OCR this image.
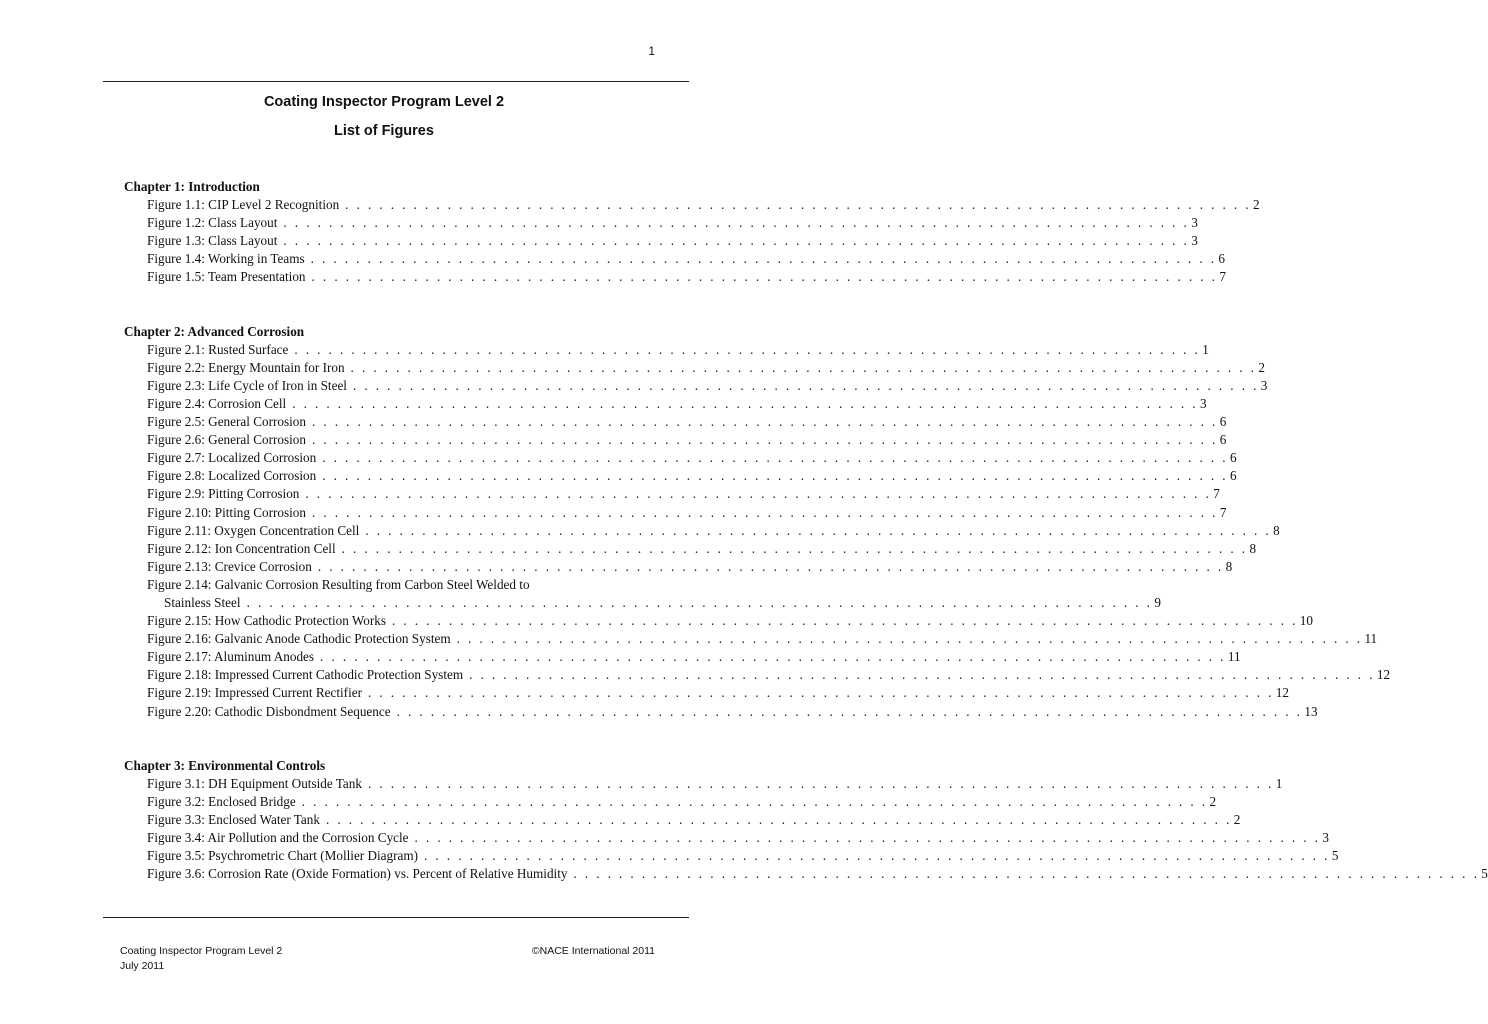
1
Coating Inspector Program Level 2
List of Figures
Chapter 1: Introduction
Figure 1.1: CIP Level 2 Recognition . . . . . . . . . . . . . . . . . . . . . . . . . . . . . . . . . . . . . . . . . . . . . . . . . . . . . . . . . . . . . . . . . . . . . . . . . . . . . . . . 2
Figure 1.2: Class Layout . . . . . . . . . . . . . . . . . . . . . . . . . . . . . . . . . . . . . . . . . . . . . . . . . . . . . . . . . . . . . . . . . . . . . . . . . . . . . . . . 3
Figure 1.3: Class Layout . . . . . . . . . . . . . . . . . . . . . . . . . . . . . . . . . . . . . . . . . . . . . . . . . . . . . . . . . . . . . . . . . . . . . . . . . . . . . . . . 3
Figure 1.4: Working in Teams . . . . . . . . . . . . . . . . . . . . . . . . . . . . . . . . . . . . . . . . . . . . . . . . . . . . . . . . . . . . . . . . . . . . . . . . . . . . . . . . 6
Figure 1.5: Team Presentation . . . . . . . . . . . . . . . . . . . . . . . . . . . . . . . . . . . . . . . . . . . . . . . . . . . . . . . . . . . . . . . . . . . . . . . . . . . . . . . . 7
Chapter 2: Advanced Corrosion
Figure 2.1: Rusted Surface . . . . . . . . . . . . . . . . . . . . . . . . . . . . . . . . . . . . . . . . . . . . . . . . . . . . . . . . . . . . . . . . . . . . . . . . . . . . . . . . 1
Figure 2.2: Energy Mountain for Iron . . . . . . . . . . . . . . . . . . . . . . . . . . . . . . . . . . . . . . . . . . . . . . . . . . . . . . . . . . . . . . . . . . . . . . . . . . . . . . . . 2
Figure 2.3: Life Cycle of Iron in Steel . . . . . . . . . . . . . . . . . . . . . . . . . . . . . . . . . . . . . . . . . . . . . . . . . . . . . . . . . . . . . . . . . . . . . . . . . . . . . . . . 3
Figure 2.4: Corrosion Cell . . . . . . . . . . . . . . . . . . . . . . . . . . . . . . . . . . . . . . . . . . . . . . . . . . . . . . . . . . . . . . . . . . . . . . . . . . . . . . . . 3
Figure 2.5: General Corrosion . . . . . . . . . . . . . . . . . . . . . . . . . . . . . . . . . . . . . . . . . . . . . . . . . . . . . . . . . . . . . . . . . . . . . . . . . . . . . . . . 6
Figure 2.6: General Corrosion . . . . . . . . . . . . . . . . . . . . . . . . . . . . . . . . . . . . . . . . . . . . . . . . . . . . . . . . . . . . . . . . . . . . . . . . . . . . . . . . 6
Figure 2.7: Localized Corrosion . . . . . . . . . . . . . . . . . . . . . . . . . . . . . . . . . . . . . . . . . . . . . . . . . . . . . . . . . . . . . . . . . . . . . . . . . . . . . . . . 6
Figure 2.8: Localized Corrosion . . . . . . . . . . . . . . . . . . . . . . . . . . . . . . . . . . . . . . . . . . . . . . . . . . . . . . . . . . . . . . . . . . . . . . . . . . . . . . . . 6
Figure 2.9: Pitting Corrosion . . . . . . . . . . . . . . . . . . . . . . . . . . . . . . . . . . . . . . . . . . . . . . . . . . . . . . . . . . . . . . . . . . . . . . . . . . . . . . . . 7
Figure 2.10: Pitting Corrosion . . . . . . . . . . . . . . . . . . . . . . . . . . . . . . . . . . . . . . . . . . . . . . . . . . . . . . . . . . . . . . . . . . . . . . . . . . . . . . . . 7
Figure 2.11: Oxygen Concentration Cell . . . . . . . . . . . . . . . . . . . . . . . . . . . . . . . . . . . . . . . . . . . . . . . . . . . . . . . . . . . . . . . . . . . . . . . . . . . . . . . . 8
Figure 2.12: Ion Concentration Cell . . . . . . . . . . . . . . . . . . . . . . . . . . . . . . . . . . . . . . . . . . . . . . . . . . . . . . . . . . . . . . . . . . . . . . . . . . . . . . . . 8
Figure 2.13: Crevice Corrosion . . . . . . . . . . . . . . . . . . . . . . . . . . . . . . . . . . . . . . . . . . . . . . . . . . . . . . . . . . . . . . . . . . . . . . . . . . . . . . . . 8
Figure 2.14: Galvanic Corrosion Resulting from Carbon Steel Welded to
Stainless Steel . . . . . . . . . . . . . . . . . . . . . . . . . . . . . . . . . . . . . . . . . . . . . . . . . . . . . . . . . . . . . . . . . . . . . . . . . . . . . . . . 9
Figure 2.15: How Cathodic Protection Works . . . . . . . . . . . . . . . . . . . . . . . . . . . . . . . . . . . . . . . . . . . . . . . . . . . . . . . . . . . . . . . . . . . . . . . . . . . . . . . . 10
Figure 2.16: Galvanic Anode Cathodic Protection System . . . . . . . . . . . . . . . . . . . . . . . . . . . . . . . . . . . . . . . . . . . . . . . . . . . . . . . . . . . . . . . . . . . . . . . . . . . . . . . . 11
Figure 2.17: Aluminum Anodes . . . . . . . . . . . . . . . . . . . . . . . . . . . . . . . . . . . . . . . . . . . . . . . . . . . . . . . . . . . . . . . . . . . . . . . . . . . . . . . . 11
Figure 2.18: Impressed Current Cathodic Protection System . . . . . . . . . . . . . . . . . . . . . . . . . . . . . . . . . . . . . . . . . . . . . . . . . . . . . . . . . . . . . . . . . . . . . . . . . . . . . . . . 12
Figure 2.19: Impressed Current Rectifier . . . . . . . . . . . . . . . . . . . . . . . . . . . . . . . . . . . . . . . . . . . . . . . . . . . . . . . . . . . . . . . . . . . . . . . . . . . . . . . . 12
Figure 2.20: Cathodic Disbondment Sequence . . . . . . . . . . . . . . . . . . . . . . . . . . . . . . . . . . . . . . . . . . . . . . . . . . . . . . . . . . . . . . . . . . . . . . . . . . . . . . . . 13
Chapter 3: Environmental Controls
Figure 3.1: DH Equipment Outside Tank . . . . . . . . . . . . . . . . . . . . . . . . . . . . . . . . . . . . . . . . . . . . . . . . . . . . . . . . . . . . . . . . . . . . . . . . . . . . . . . . 1
Figure 3.2: Enclosed Bridge . . . . . . . . . . . . . . . . . . . . . . . . . . . . . . . . . . . . . . . . . . . . . . . . . . . . . . . . . . . . . . . . . . . . . . . . . . . . . . . . 2
Figure 3.3: Enclosed Water Tank . . . . . . . . . . . . . . . . . . . . . . . . . . . . . . . . . . . . . . . . . . . . . . . . . . . . . . . . . . . . . . . . . . . . . . . . . . . . . . . . 2
Figure 3.4: Air Pollution and the Corrosion Cycle . . . . . . . . . . . . . . . . . . . . . . . . . . . . . . . . . . . . . . . . . . . . . . . . . . . . . . . . . . . . . . . . . . . . . . . . . . . . . . . . 3
Figure 3.5: Psychrometric Chart (Mollier Diagram) . . . . . . . . . . . . . . . . . . . . . . . . . . . . . . . . . . . . . . . . . . . . . . . . . . . . . . . . . . . . . . . . . . . . . . . . . . . . . . . . 5
Figure 3.6: Corrosion Rate (Oxide Formation) vs. Percent of Relative Humidity . . . . . . . . . . . . . . . . . . . . . . . . . . . . . . . . . . . . . . . . . . . . . . . . . . . . . . . . . . . . . . . . . . . . . . . . . . . . . . . . 5
Coating Inspector Program Level 2
July 2011
©NACE International 2011
